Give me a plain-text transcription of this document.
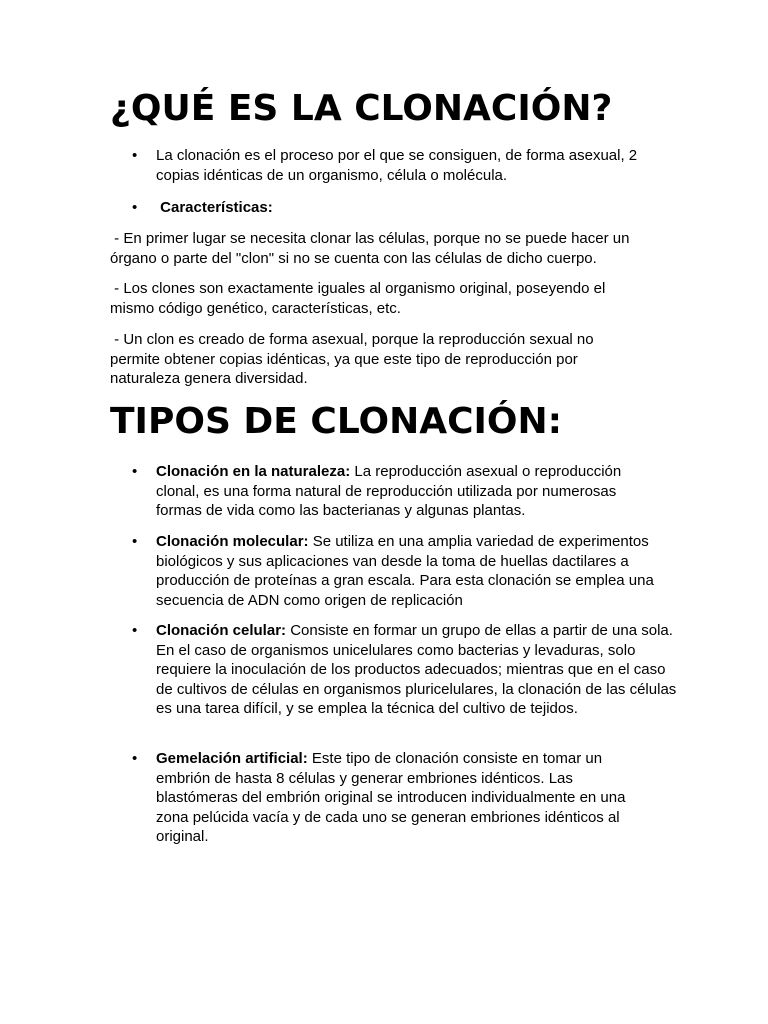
¿QUÉ ES LA CLONACIÓN?
• La clonación es el proceso por el que se consiguen, de forma asexual, 2 copias idénticas de un organismo, célula o molécula.
• Características:
- En primer lugar se necesita clonar las células, porque no se puede hacer un órgano o parte del "clon" si no se cuenta con las células de dicho cuerpo.
- Los clones son exactamente iguales al organismo original, poseyendo el mismo código genético, características, etc.
- Un clon es creado de forma asexual, porque la reproducción sexual no permite obtener copias idénticas, ya que este tipo de reproducción por naturaleza genera diversidad.
TIPOS DE CLONACIÓN:
• Clonación en la naturaleza: La reproducción asexual o reproducción clonal, es una forma natural de reproducción utilizada por numerosas formas de vida como las bacterianas y algunas plantas.
• Clonación molecular: Se utiliza en una amplia variedad de experimentos biológicos y sus aplicaciones van desde la toma de huellas dactilares a producción de proteínas a gran escala. Para esta clonación se emplea una secuencia de ADN como origen de replicación
• Clonación celular: Consiste en formar un grupo de ellas a partir de una sola. En el caso de organismos unicelulares como bacterias y levaduras, solo requiere la inoculación de los productos adecuados; mientras que en el caso de cultivos de células en organismos pluricelulares, la clonación de las células es una tarea difícil, y se emplea la técnica del cultivo de tejidos.
• Gemelación artificial: Este tipo de clonación consiste en tomar un embrión de hasta 8 células y generar embriones idénticos. Las blastómeras del embrión original se introducen individualmente en una zona pelúcida vacía y de cada uno se generan embriones idénticos al original.
